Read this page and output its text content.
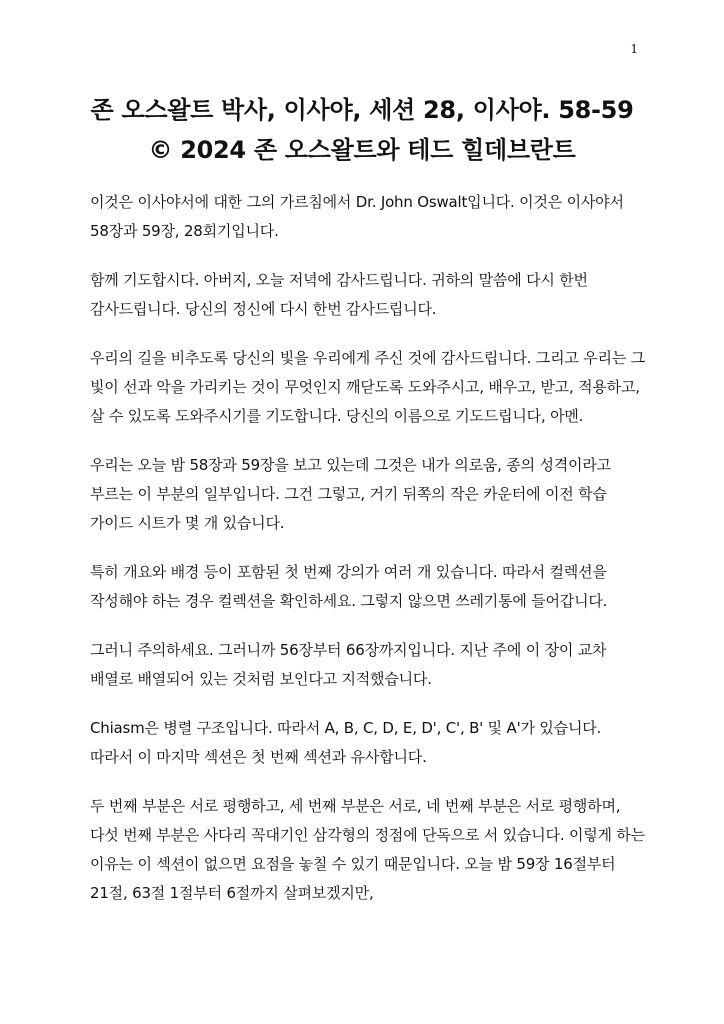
1
존 오스왈트 박사, 이사야, 세션 28, 이사야. 58-59
© 2024 존 오스왈트와 테드 힐데브란트

이것은 이사야서에 대한 그의 가르침에서 Dr. John Oswalt입니다. 이것은 이사야서 58장과 59장, 28회기입니다.

함께 기도합시다. 아버지, 오늘 저녁에 감사드립니다. 귀하의 말씀에 다시 한번 감사드립니다. 당신의 정신에 다시 한번 감사드립니다.

우리의 길을 비추도록 당신의 빛을 우리에게 주신 것에 감사드립니다. 그리고 우리는 그 빛이 선과 악을 가리키는 것이 무엇인지 깨닫도록 도와주시고, 배우고, 받고, 적용하고, 살 수 있도록 도와주시기를 기도합니다. 당신의 이름으로 기도드립니다, 아멘.

우리는 오늘 밤 58장과 59장을 보고 있는데 그것은 내가 의로움, 종의 성격이라고 부르는 이 부분의 일부입니다. 그건 그렇고, 거기 뒤쪽의 작은 카운터에 이전 학습 가이드 시트가 몇 개 있습니다.

특히 개요와 배경 등이 포함된 첫 번째 강의가 여러 개 있습니다. 따라서 컬렉션을 작성해야 하는 경우 컬렉션을 확인하세요. 그렇지 않으면 쓰레기통에 들어갑니다.

그러니 주의하세요. 그러니까 56장부터 66장까지입니다. 지난 주에 이 장이 교차 배열로 배열되어 있는 것처럼 보인다고 지적했습니다.

Chiasm은 병렬 구조입니다. 따라서 A, B, C, D, E, D', C', B' 및 A'가 있습니다. 따라서 이 마지막 섹션은 첫 번째 섹션과 유사합니다.

두 번째 부분은 서로 평행하고, 세 번째 부분은 서로, 네 번째 부분은 서로 평행하며, 다섯 번째 부분은 사다리 꼭대기인 삼각형의 정점에 단독으로 서 있습니다. 이렇게 하는 이유는 이 섹션이 없으면 요점을 놓칠 수 있기 때문입니다. 오늘 밤 59장 16절부터 21절, 63절 1절부터 6절까지 살펴보겠지만,
